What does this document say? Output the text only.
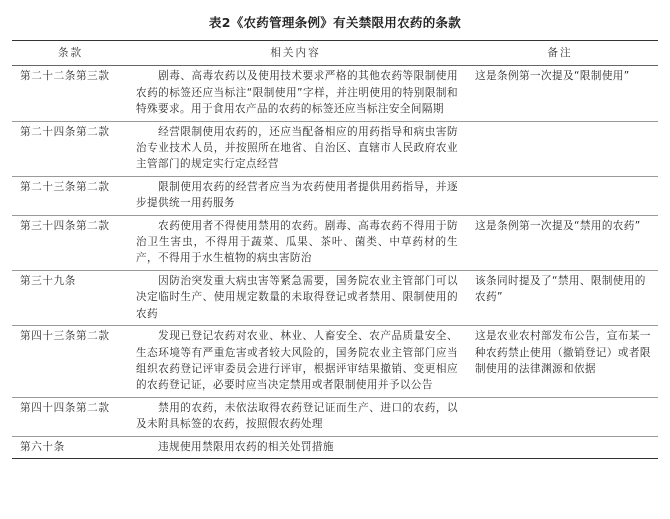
表2《农药管理条例》有关禁限用农药的条款
条款	相关内容	备注
第二十二条第三款	剧毒、高毒农药以及使用技术要求严格的其他农药等限制使用农药的标签还应当标注“限制使用”字样，并注明使用的特别限制和特殊要求。用于食用农产品的农药的标签还应当标注安全间隔期	这是条例第一次提及“限制使用”
第二十四条第二款	经营限制使用农药的，还应当配备相应的用药指导和病虫害防治专业技术人员，并按照所在地省、自治区、直辖市人民政府农业主管部门的规定实行定点经营	
第二十三条第二款	限制使用农药的经营者应当为农药使用者提供用药指导，并逐步提供统一用药服务	
第三十四条第二款	农药使用者不得使用禁用的农药。剧毒、高毒农药不得用于防治卫生害虫，不得用于蔬菜、瓜果、茶叶、菌类、中草药材的生产，不得用于水生植物的病虫害防治	这是条例第一次提及“禁用的农药”
第三十九条	因防治突发重大病虫害等紧急需要，国务院农业主管部门可以决定临时生产、使用规定数量的未取得登记或者禁用、限制使用的农药	该条同时提及了“禁用、限制使用的农药”
第四十三条第二款	发现已登记农药对农业、林业、人畜安全、农产品质量安全、生态环境等有严重危害或者较大风险的，国务院农业主管部门应当组织农药登记评审委员会进行评审，根据评审结果撤销、变更相应的农药登记证，必要时应当决定禁用或者限制使用并予以公告	这是农业农村部发布公告，宣布某一种农药禁止使用（撤销登记）或者限制使用的法律渊源和依据
第四十四条第二款	禁用的农药，未依法取得农药登记证而生产、进口的农药，以及未附具标签的农药，按照假农药处理	
第六十条	违规使用禁限用农药的相关处罚措施	
